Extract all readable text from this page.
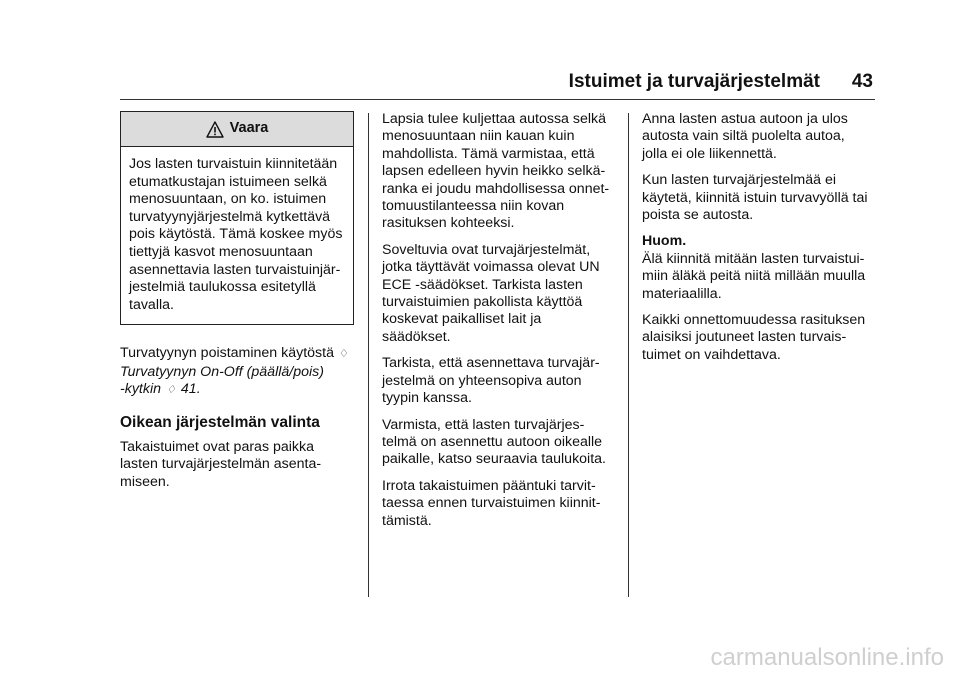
Istuimet ja turvajärjestelmät 43
Vaara
Jos lasten turvaistuin kiinnitetään
etumatkustajan istuimeen selkä
menosuuntaan, on ko. istuimen
turvatyynyjärjestelmä kytkettävä
pois käytöstä. Tämä koskee myös
tiettyjä kasvot menosuuntaan
asennettavia lasten turvaistuinjär-
jestelmiä taulukossa esitetyllä
tavalla.
Turvatyynyn poistaminen käytöstä ♢
Turvatyynyn On-Off (päällä/pois)
-kytkin ♢ 41.
Oikean järjestelmän valinta
Takaistuimet ovat paras paikka
lasten turvajärjestelmän asenta-
miseen.

Lapsia tulee kuljettaa autossa selkä
menosuuntaan niin kauan kuin
mahdollista. Tämä varmistaa, että
lapsen edelleen hyvin heikko selkä-
ranka ei joudu mahdollisessa onnet-
tomuustilanteessa niin kovan
rasituksen kohteeksi.

Soveltuvia ovat turvajärjestelmät,
jotka täyttävät voimassa olevat UN
ECE -säädökset. Tarkista lasten
turvaistuimien pakollista käyttöä
koskevat paikalliset lait ja
säädökset.

Tarkista, että asennettava turvajär-
jestelmä on yhteensopiva auton
tyypin kanssa.

Varmista, että lasten turvajärjes-
telmä on asennettu autoon oikealle
paikalle, katso seuraavia taulukoita.

Irrota takaistuimen pääntuki tarvit-
taessa ennen turvaistuimen kiinnit-
tämistä.

Anna lasten astua autoon ja ulos
autosta vain siltä puolelta autoa,
jolla ei ole liikennettä.

Kun lasten turvajärjestelmää ei
käytetä, kiinnitä istuin turvavyöllä tai
poista se autosta.

Huom.

Älä kiinnitä mitään lasten turvaistui-
miin äläkä peitä niitä millään muulla
materiaalilla.

Kaikki onnettomuudessa rasituksen
alaisiksi joutuneet lasten turvais-
tuimet on vaihdettava.

carmanualsonline.info
